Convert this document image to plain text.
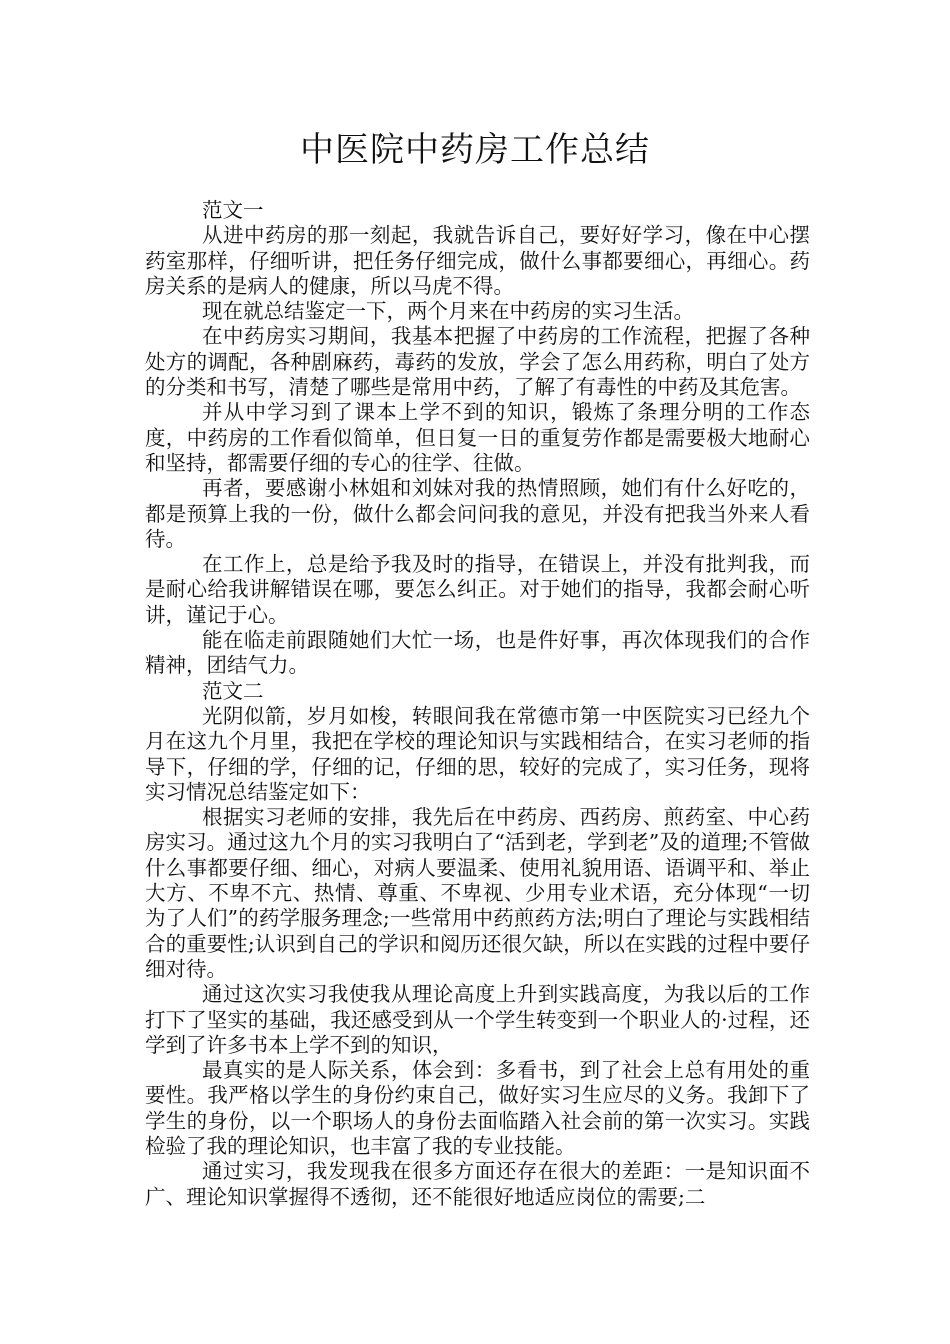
中医院中药房工作总结

范文一

从进中药房的那一刻起，我就告诉自己，要好好学习，像在中心摆药室那样，仔细听讲，把任务仔细完成，做什么事都要细心，再细心。药房关系的是病人的健康，所以马虎不得。

现在就总结鉴定一下，两个月来在中药房的实习生活。

在中药房实习期间，我基本把握了中药房的工作流程，把握了各种处方的调配，各种剧麻药，毒药的发放，学会了怎么用药称，明白了处方的分类和书写，清楚了哪些是常用中药，了解了有毒性的中药及其危害。

并从中学习到了课本上学不到的知识，锻炼了条理分明的工作态度，中药房的工作看似简单，但日复一日的重复劳作都是需要极大地耐心和坚持，都需要仔细的专心的往学、往做。

再者，要感谢小林姐和刘妹对我的热情照顾，她们有什么好吃的，都是预算上我的一份，做什么都会问问我的意见，并没有把我当外来人看待。

在工作上，总是给予我及时的指导，在错误上，并没有批判我，而是耐心给我讲解错误在哪，要怎么纠正。对于她们的指导，我都会耐心听讲，谨记于心。

能在临走前跟随她们大忙一场，也是件好事，再次体现我们的合作精神，团结气力。

范文二

光阴似箭，岁月如梭，转眼间我在常德市第一中医院实习已经九个月在这九个月里，我把在学校的理论知识与实践相结合，在实习老师的指导下，仔细的学，仔细的记，仔细的思，较好的完成了，实习任务，现将实习情况总结鉴定如下：

根据实习老师的安排，我先后在中药房、西药房、煎药室、中心药房实习。通过这九个月的实习我明白了“活到老，学到老”及的道理;不管做什么事都要仔细、细心，对病人要温柔、使用礼貌用语、语调平和、举止大方、不卑不亢、热情、尊重、不卑视、少用专业术语，充分体现“一切为了人们”的药学服务理念;一些常用中药煎药方法;明白了理论与实践相结合的重要性;认识到自己的学识和阅历还很欠缺，所以在实践的过程中要仔细对待。

通过这次实习我使我从理论高度上升到实践高度，为我以后的工作打下了坚实的基础，我还感受到从一个学生转变到一个职业人的·过程，还学到了许多书本上学不到的知识，

最真实的是人际关系，体会到：多看书，到了社会上总有用处的重要性。我严格以学生的身份约束自己，做好实习生应尽的义务。我卸下了学生的身份，以一个职场人的身份去面临踏入社会前的第一次实习。实践检验了我的理论知识，也丰富了我的专业技能。

通过实习，我发现我在很多方面还存在很大的差距：一是知识面不广、理论知识掌握得不透彻，还不能很好地适应岗位的需要;二
